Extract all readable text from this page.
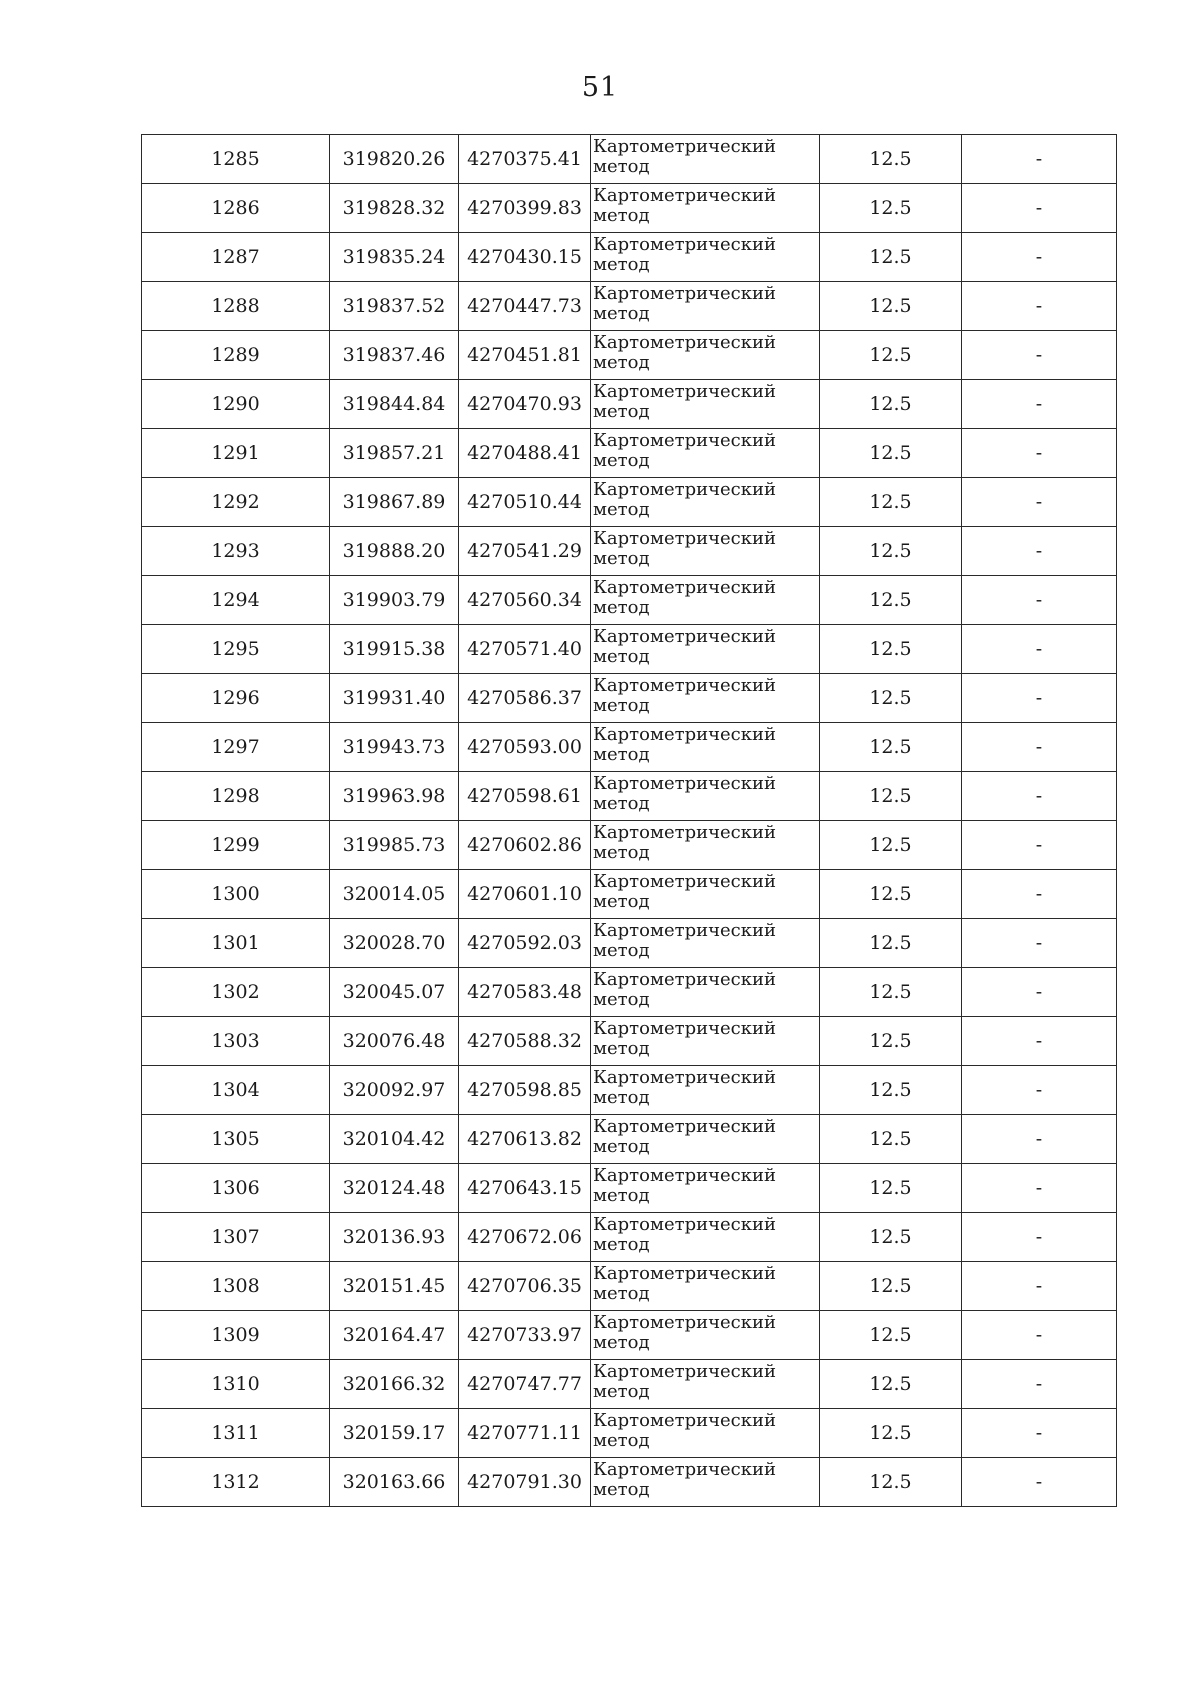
51
1285	319820.26	4270375.41	Картометрический метод	12.5	-
1286	319828.32	4270399.83	Картометрический метод	12.5	-
1287	319835.24	4270430.15	Картометрический метод	12.5	-
1288	319837.52	4270447.73	Картометрический метод	12.5	-
1289	319837.46	4270451.81	Картометрический метод	12.5	-
1290	319844.84	4270470.93	Картометрический метод	12.5	-
1291	319857.21	4270488.41	Картометрический метод	12.5	-
1292	319867.89	4270510.44	Картометрический метод	12.5	-
1293	319888.20	4270541.29	Картометрический метод	12.5	-
1294	319903.79	4270560.34	Картометрический метод	12.5	-
1295	319915.38	4270571.40	Картометрический метод	12.5	-
1296	319931.40	4270586.37	Картометрический метод	12.5	-
1297	319943.73	4270593.00	Картометрический метод	12.5	-
1298	319963.98	4270598.61	Картометрический метод	12.5	-
1299	319985.73	4270602.86	Картометрический метод	12.5	-
1300	320014.05	4270601.10	Картометрический метод	12.5	-
1301	320028.70	4270592.03	Картометрический метод	12.5	-
1302	320045.07	4270583.48	Картометрический метод	12.5	-
1303	320076.48	4270588.32	Картометрический метод	12.5	-
1304	320092.97	4270598.85	Картометрический метод	12.5	-
1305	320104.42	4270613.82	Картометрический метод	12.5	-
1306	320124.48	4270643.15	Картометрический метод	12.5	-
1307	320136.93	4270672.06	Картометрический метод	12.5	-
1308	320151.45	4270706.35	Картометрический метод	12.5	-
1309	320164.47	4270733.97	Картометрический метод	12.5	-
1310	320166.32	4270747.77	Картометрический метод	12.5	-
1311	320159.17	4270771.11	Картометрический метод	12.5	-
1312	320163.66	4270791.30	Картометрический метод	12.5	-
